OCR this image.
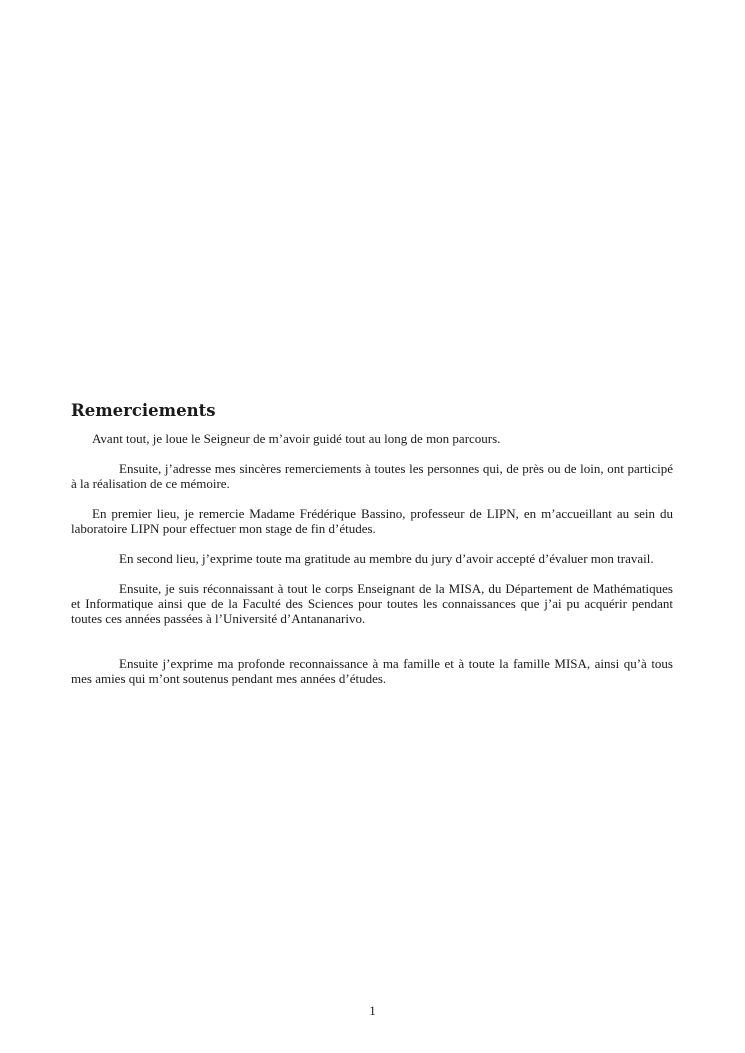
Remerciements

Avant tout, je loue le Seigneur de m’avoir guidé tout au long de mon parcours.

Ensuite, j’adresse mes sincères remerciements à toutes les personnes qui, de près ou de loin, ont participé à la réalisation de ce mémoire.

En premier lieu, je remercie Madame Frédérique Bassino, professeur de LIPN, en m’accueillant au sein du laboratoire LIPN pour effectuer mon stage de fin d’études.

En second lieu, j’exprime toute ma gratitude au membre du jury d’avoir accepté d’évaluer mon travail.

Ensuite, je suis réconnaissant à tout le corps Enseignant de la MISA, du Département de Mathématiques et Informatique ainsi que de la Faculté des Sciences pour toutes les connaissances que j’ai pu acquérir pendant toutes ces années passées à l’Université d’Antananarivo.

Ensuite j’exprime ma profonde reconnaissance à ma famille et à toute la famille MISA, ainsi qu’à tous mes amies qui m’ont soutenus pendant mes années d’études.

1
